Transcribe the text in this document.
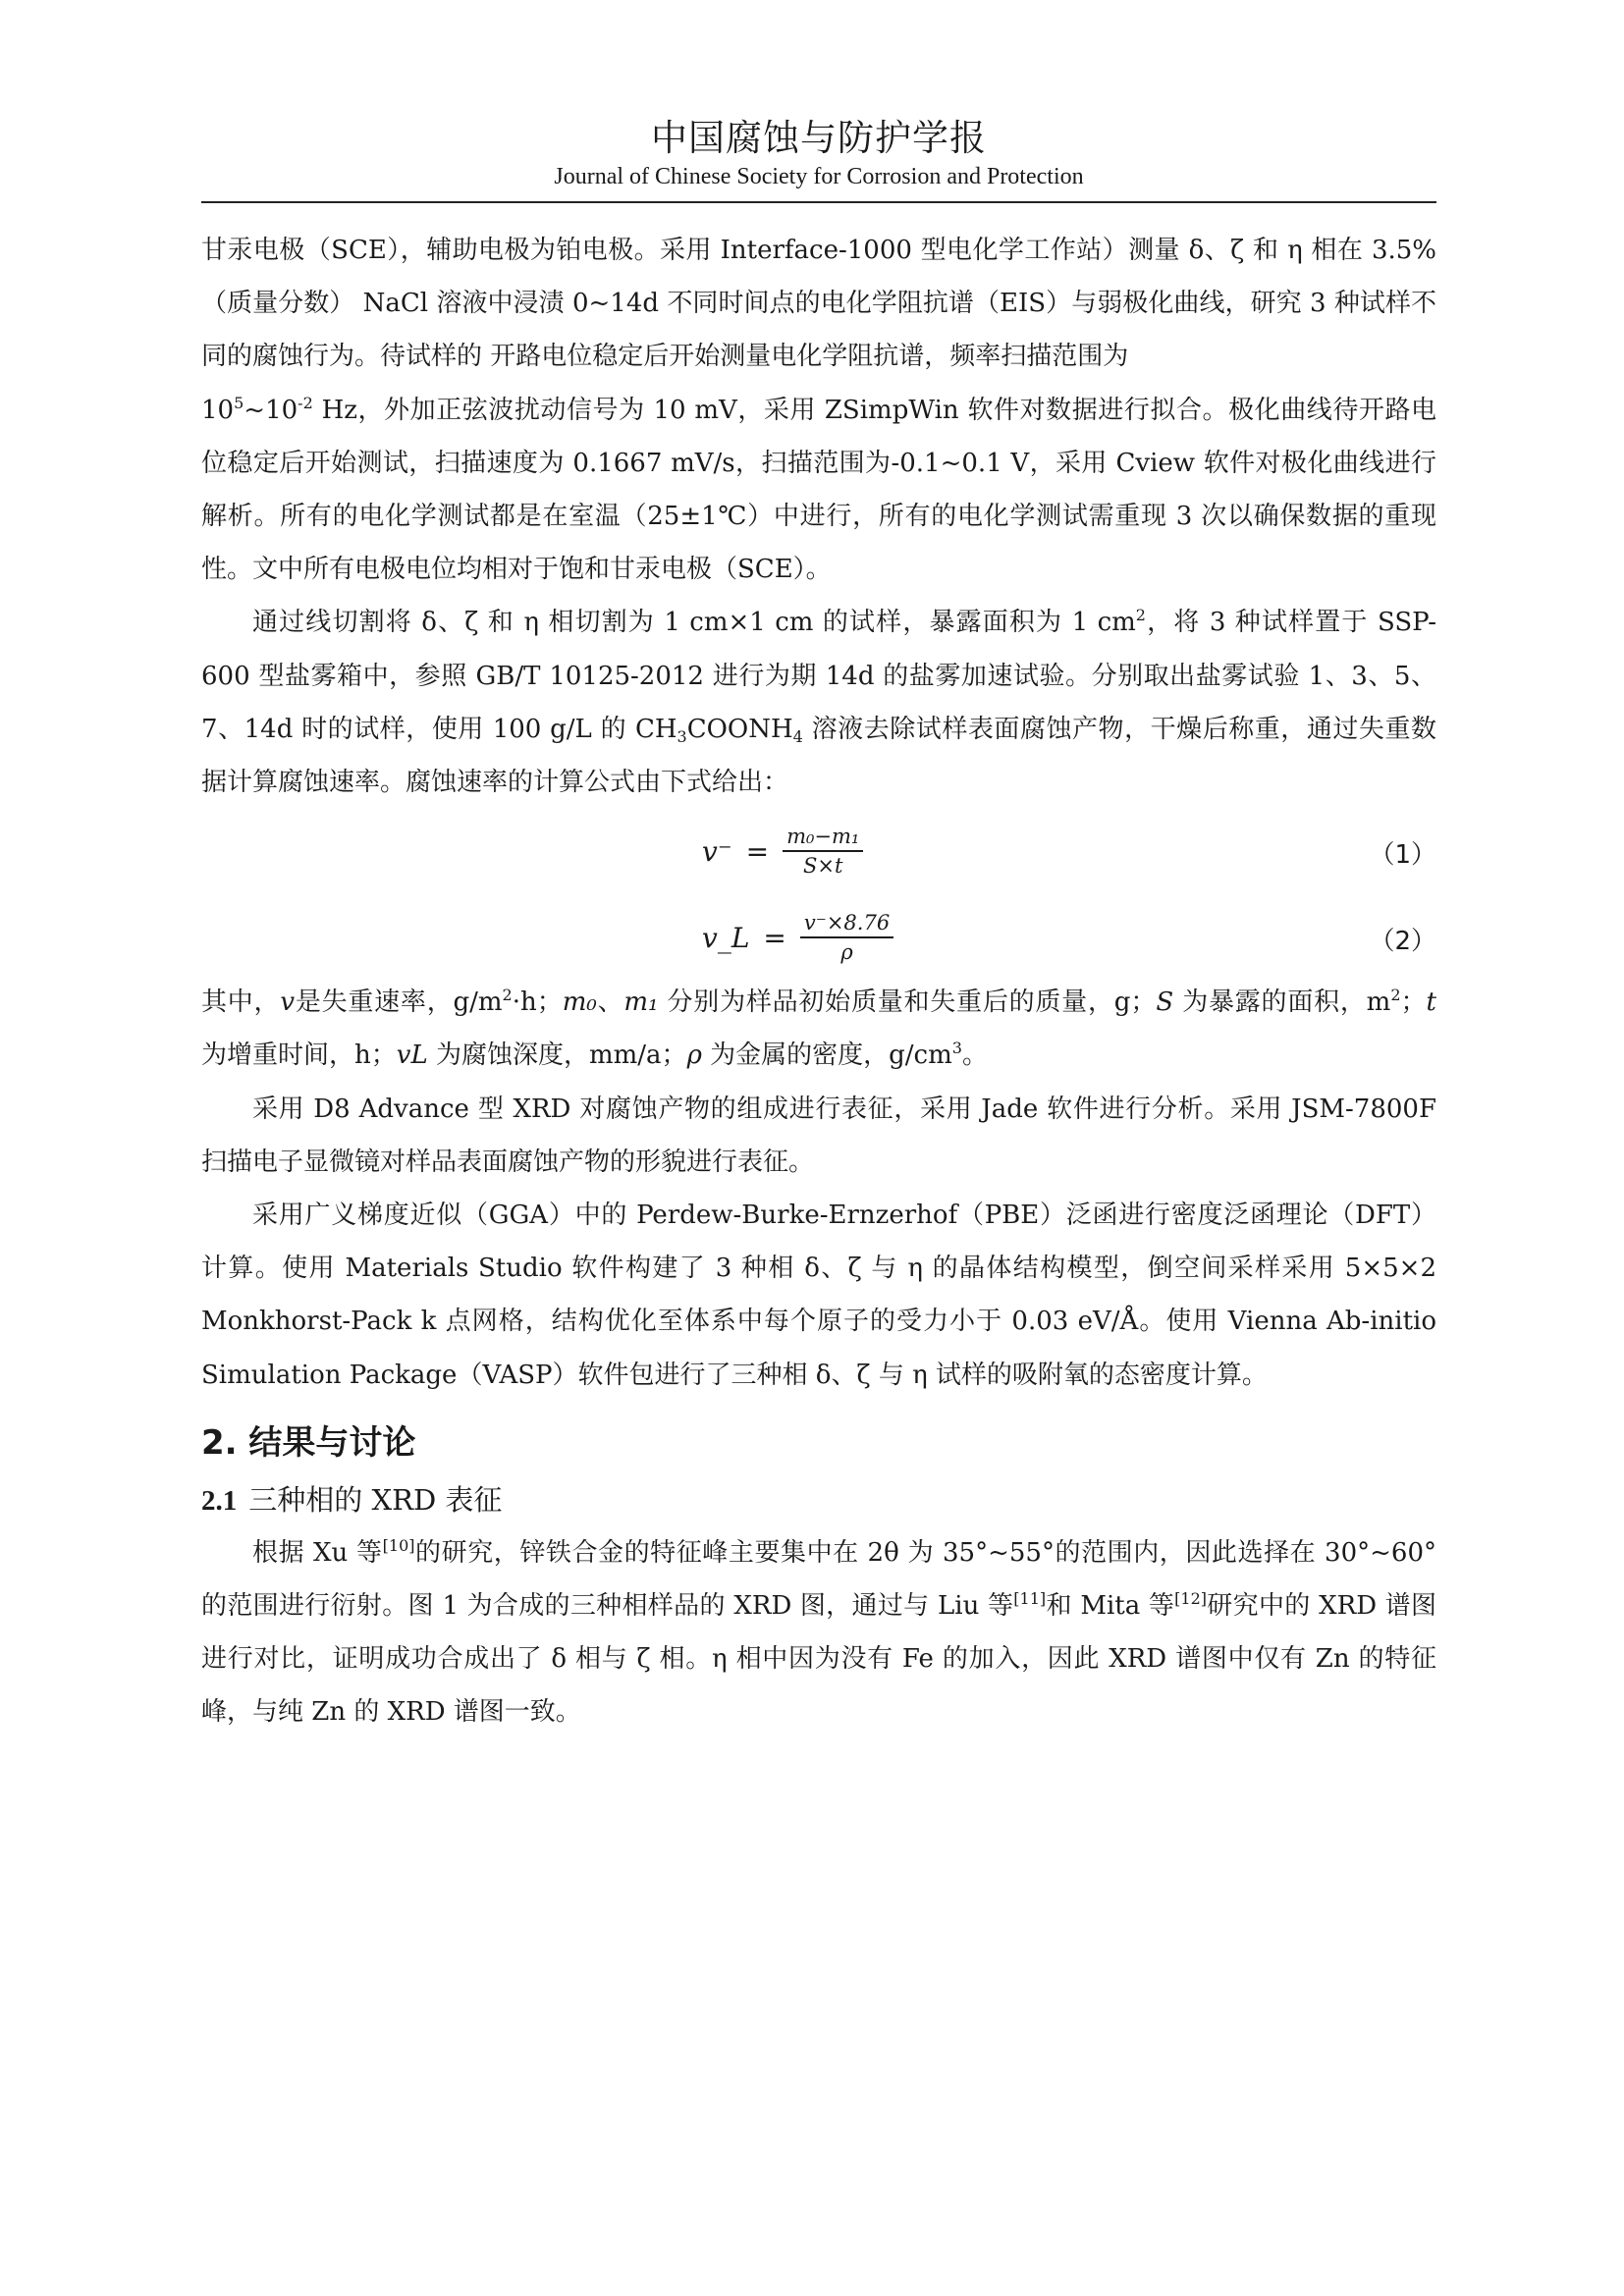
中国腐蚀与防护学报
Journal of Chinese Society for Corrosion and Protection

甘汞电极（SCE），辅助电极为铂电极。采用 Interface-1000 型电化学工作站）测量 δ、ζ 和 η 相在 3.5%（质量分数） NaCl 溶液中浸渍 0~14d 不同时间点的电化学阻抗谱（EIS）与弱极化曲线，研究 3 种试样不同的腐蚀行为。待试样的 开路电位稳定后开始测量电化学阻抗谱，频率扫描范围为
$10^5\sim 10^{-2}$ Hz，外加正弦波扰动信号为 10 mV，采用 ZSimpWin 软件对数据进行拟合。极化曲线待开路电位稳定后开始测试，扫描速度为 0.1667 mV/s，扫描范围为-0.1~0.1 V，采用 Cview 软件对极化曲线进行解析。所有的电化学测试都是在室温（25±1℃）中进行，所有的电化学测试需重现 3 次以确保数据的重现性。文中所有电极电位均相对于饱和甘汞电极（SCE）。

通过线切割将 δ、ζ 和 η 相切割为 1 cm×1 cm 的试样，暴露面积为 1 $cm^2$，将 3 种试样置于 SSP-600 型盐雾箱中，参照 GB/T 10125-2012 进行为期 14d 的盐雾加速试验。分别取出盐雾试验 1、3、5、7、14d 时的试样，使用 100 g/L 的 $CH_3COONH_4$ 溶液去除试样表面腐蚀产物，干燥后称重，通过失重数据计算腐蚀速率。腐蚀速率的计算公式由下式给出：

$v^- = \frac{\text{m₀−m₁}}{S\times t}$	（1）
v_L = $\frac{v^-\times 8.76}{\rho}$	（2）

其中，v是失重速率，$g/m^2\cdot h$；m₀、m₁ 分别为样品初始质量和失重后的质量，g；S 为暴露的面积，$m^2$；t 为增重时间，h；vL 为腐蚀深度，mm/a；ρ 为金属的密度，$g/cm^3$。

采用 D8 Advance 型 XRD 对腐蚀产物的组成进行表征，采用 Jade 软件进行分析。采用 JSM-7800F 扫描电子显微镜对样品表面腐蚀产物的形貌进行表征。

采用广义梯度近似（GGA）中的 Perdew-Burke-Ernzerhof（PBE）泛函进行密度泛函理论（DFT）计算。使用 Materials Studio 软件构建了 3 种相 δ、ζ 与 η 的晶体结构模型，倒空间采样采用 5×5×2 Monkhorst-Pack k 点网格，结构优化至体系中每个原子的受力小于 0.03 eV/Å。使用 Vienna Ab-initio Simulation Package（VASP）软件包进行了三种相 δ、ζ 与 η 试样的吸附氧的态密度计算。

2. 结果与讨论
2.1 三种相的 XRD 表征

根据 Xu 等[10]的研究，锌铁合金的特征峰主要集中在 2θ 为 35°~55°的范围内，因此选择在 30°~60°的范围进行衍射。图 1 为合成的三种相样品的 XRD 图，通过与 Liu 等[11]和 Mita 等[12]研究中的 XRD 谱图进行对比，证明成功合成出了 δ 相与 ζ 相。η 相中因为没有 Fe 的加入，因此 XRD 谱图中仅有 Zn 的特征峰，与纯 Zn 的 XRD 谱图一致。
